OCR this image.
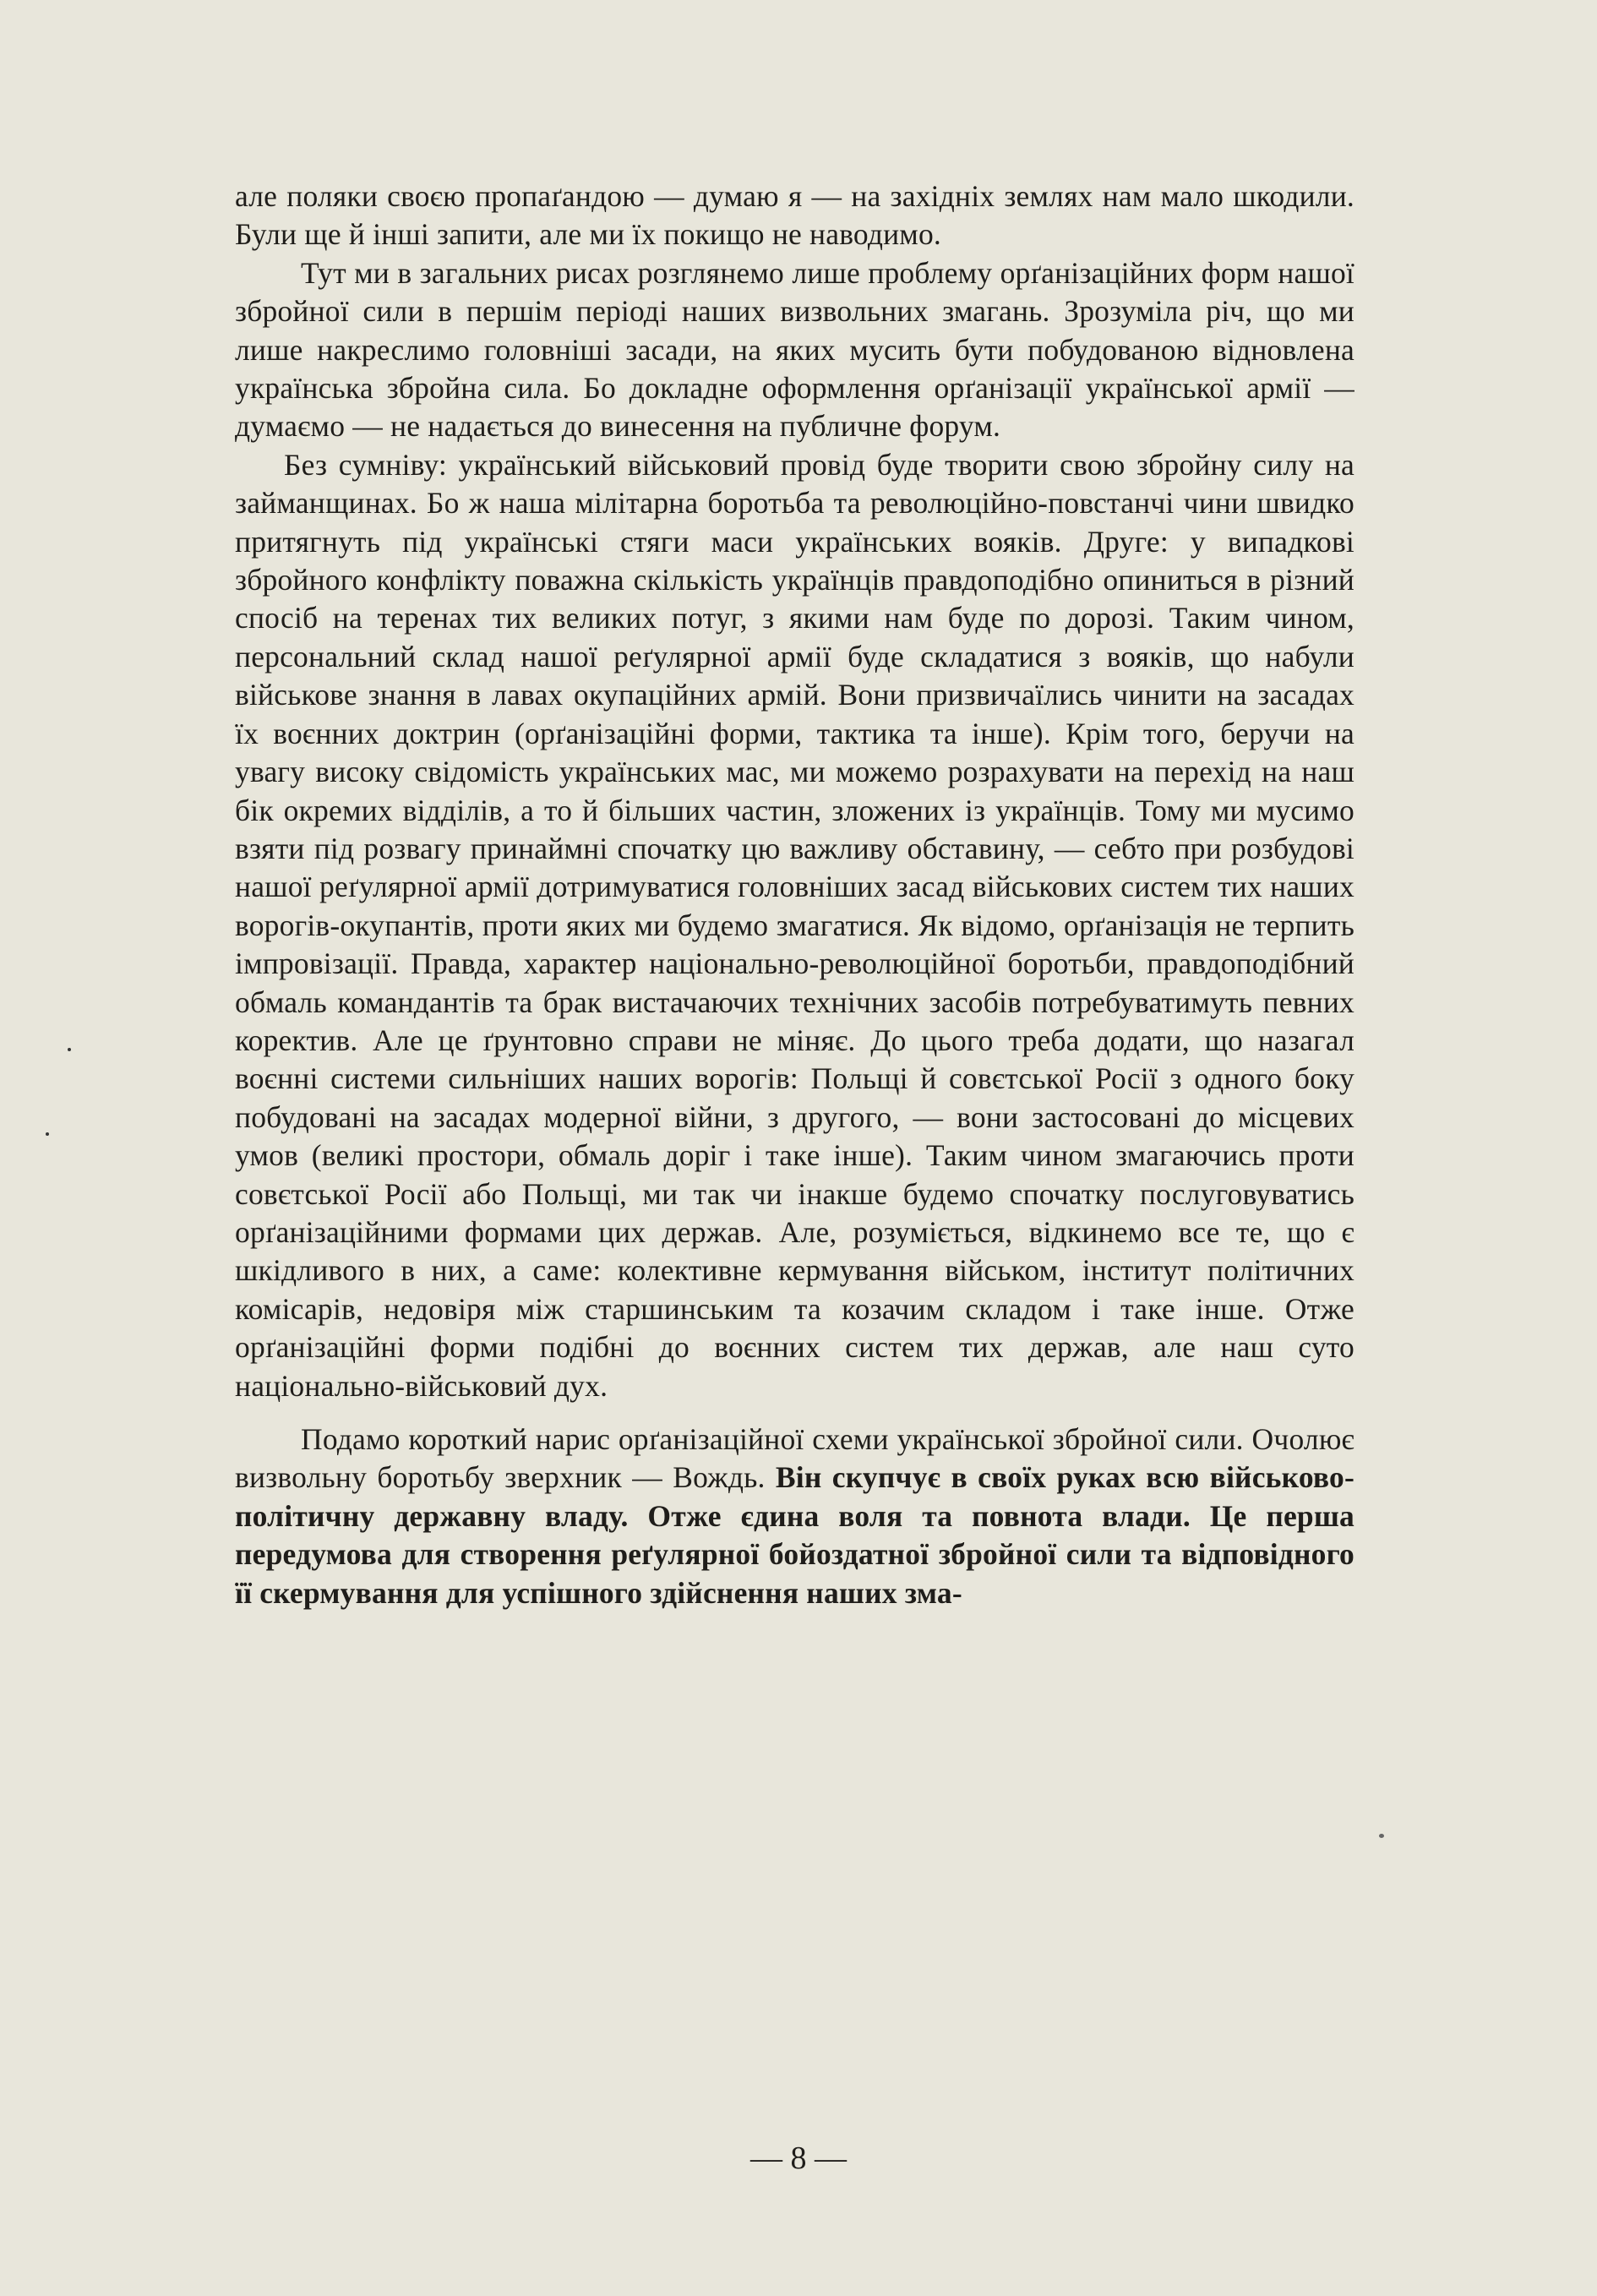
але поляки своєю пропаґандою — думаю я — на західніх землях нам мало шкодили. Були ще й інші запити, але ми їх покищо не наводимо.

Тут ми в загальних рисах розглянемо лише проблему орґанізаційних форм нашої збройної сили в першім періоді наших визвольних змагань. Зрозуміла річ, що ми лише накреслимо головніші засади, на яких мусить бути побудованою відновлена українська збройна сила. Бо докладне оформлення орґанізації української армії — думаємо — не надається до винесення на публичне форум.

Без сумніву: український військовий провід буде творити свою збройну силу на займанщинах. Бо ж наша мілітарна боротьба та революційно-повстанчі чини швидко притягнуть під українські стяги маси українських вояків. Друге: у випадкові збройного конфлікту поважна скількість українців правдоподібно опиниться в різний спосіб на теренах тих великих потуг, з якими нам буде по дорозі. Таким чином, персональний склад нашої реґулярної армії буде складатися з вояків, що набули військове знання в лавах окупаційних армій. Вони призвичаїлись чинити на засадах їх воєнних доктрин (орґанізаційні форми, тактика та інше). Крім того, беручи на увагу високу свідомість українських мас, ми можемо розрахувати на перехід на наш бік окремих відділів, а то й більших частин, зложених із українців. Тому ми мусимо взяти під розвагу принаймні спочатку цю важливу обставину, — себто при розбудові нашої реґулярної армії дотримуватися головніших засад військових систем тих наших ворогів-окупантів, проти яких ми будемо змагатися. Як відомо, орґанізація не терпить імпровізації. Правда, характер національно-революційної боротьби, правдоподібний обмаль командантів та брак вистачаючих технічних засобів потребуватимуть певних коректив. Але це ґрунтовно справи не міняє. До цього треба додати, що назагал воєнні системи сильніших наших ворогів: Польщі й совєтської Росії з одного боку побудовані на засадах модерної війни, з другого, — вони застосовані до місцевих умов (великі простори, обмаль доріг і таке інше). Таким чином змагаючись проти совєтської Росії або Польщі, ми так чи інакше будемо спочатку послуговуватись орґанізаційними формами цих держав. Але, розуміється, відкинемо все те, що є шкідливого в них, а саме: колективне кермування військом, інститут політичних комісарів, недовіря між старшинським та козачим складом і таке інше. Отже орґанізаційні форми подібні до воєнних систем тих держав, але наш суто національно-військовий дух.

Подамо короткий нарис орґанізаційної схеми української збройної сили. Очолює визвольну боротьбу зверхник — Вождь. Він скупчує в своїх руках всю військово-політичну державну владу. Отже єдина воля та повнота влади. Це перша передумова для створення реґулярної бойоздатної збройної сили та відповідного її скермування для успішного здійснення наших зма-

— 8 —
